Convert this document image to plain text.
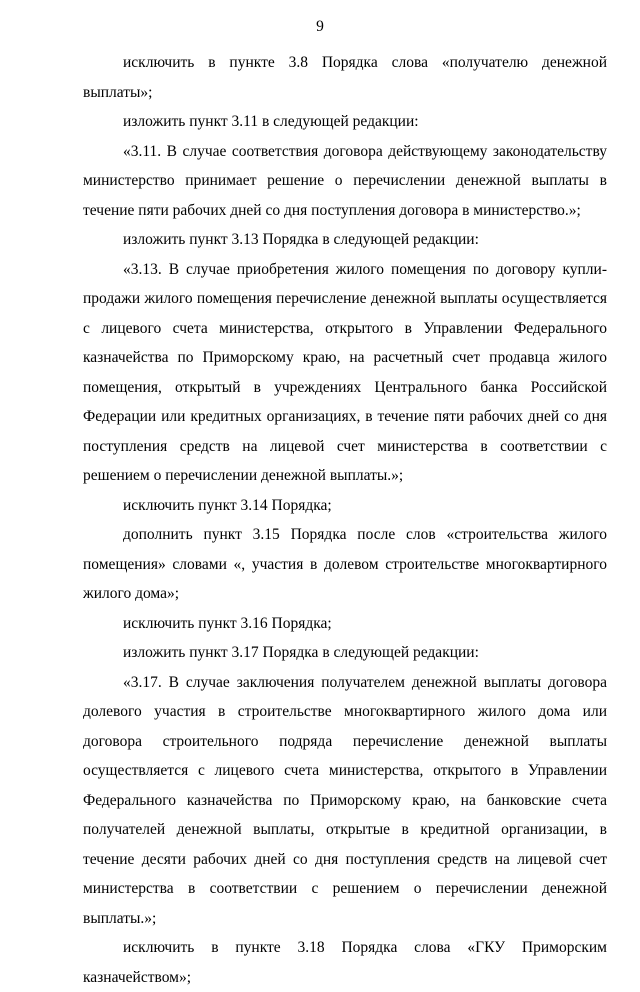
9

исключить в пункте 3.8 Порядка слова «получателю денежной выплаты»;

изложить пункт 3.11 в следующей редакции:

«3.11. В случае соответствия договора действующему законодательству министерство принимает решение о перечислении денежной выплаты в течение пяти рабочих дней со дня поступления договора в министерство.»;

изложить пункт 3.13 Порядка в следующей редакции:

«3.13. В случае приобретения жилого помещения по договору купли-продажи жилого помещения перечисление денежной выплаты осуществляется с лицевого счета министерства, открытого в Управлении Федерального казначейства по Приморскому краю, на расчетный счет продавца жилого помещения, открытый в учреждениях Центрального банка Российской Федерации или кредитных организациях, в течение пяти рабочих дней со дня поступления средств на лицевой счет министерства в соответствии с решением о перечислении денежной выплаты.»;

исключить пункт 3.14 Порядка;

дополнить пункт 3.15 Порядка после слов «строительства жилого помещения» словами «, участия в долевом строительстве многоквартирного жилого дома»;

исключить пункт 3.16 Порядка;

изложить пункт 3.17 Порядка в следующей редакции:

«3.17. В случае заключения получателем денежной выплаты договора долевого участия в строительстве многоквартирного жилого дома или договора строительного подряда перечисление денежной выплаты осуществляется с лицевого счета министерства, открытого в Управлении Федерального казначейства по Приморскому краю, на банковские счета получателей денежной выплаты, открытые в кредитной организации, в течение десяти рабочих дней со дня поступления средств на лицевой счет министерства в соответствии с решением о перечислении денежной выплаты.»;

исключить в пункте 3.18 Порядка слова «ГКУ Приморским казначейством»;
